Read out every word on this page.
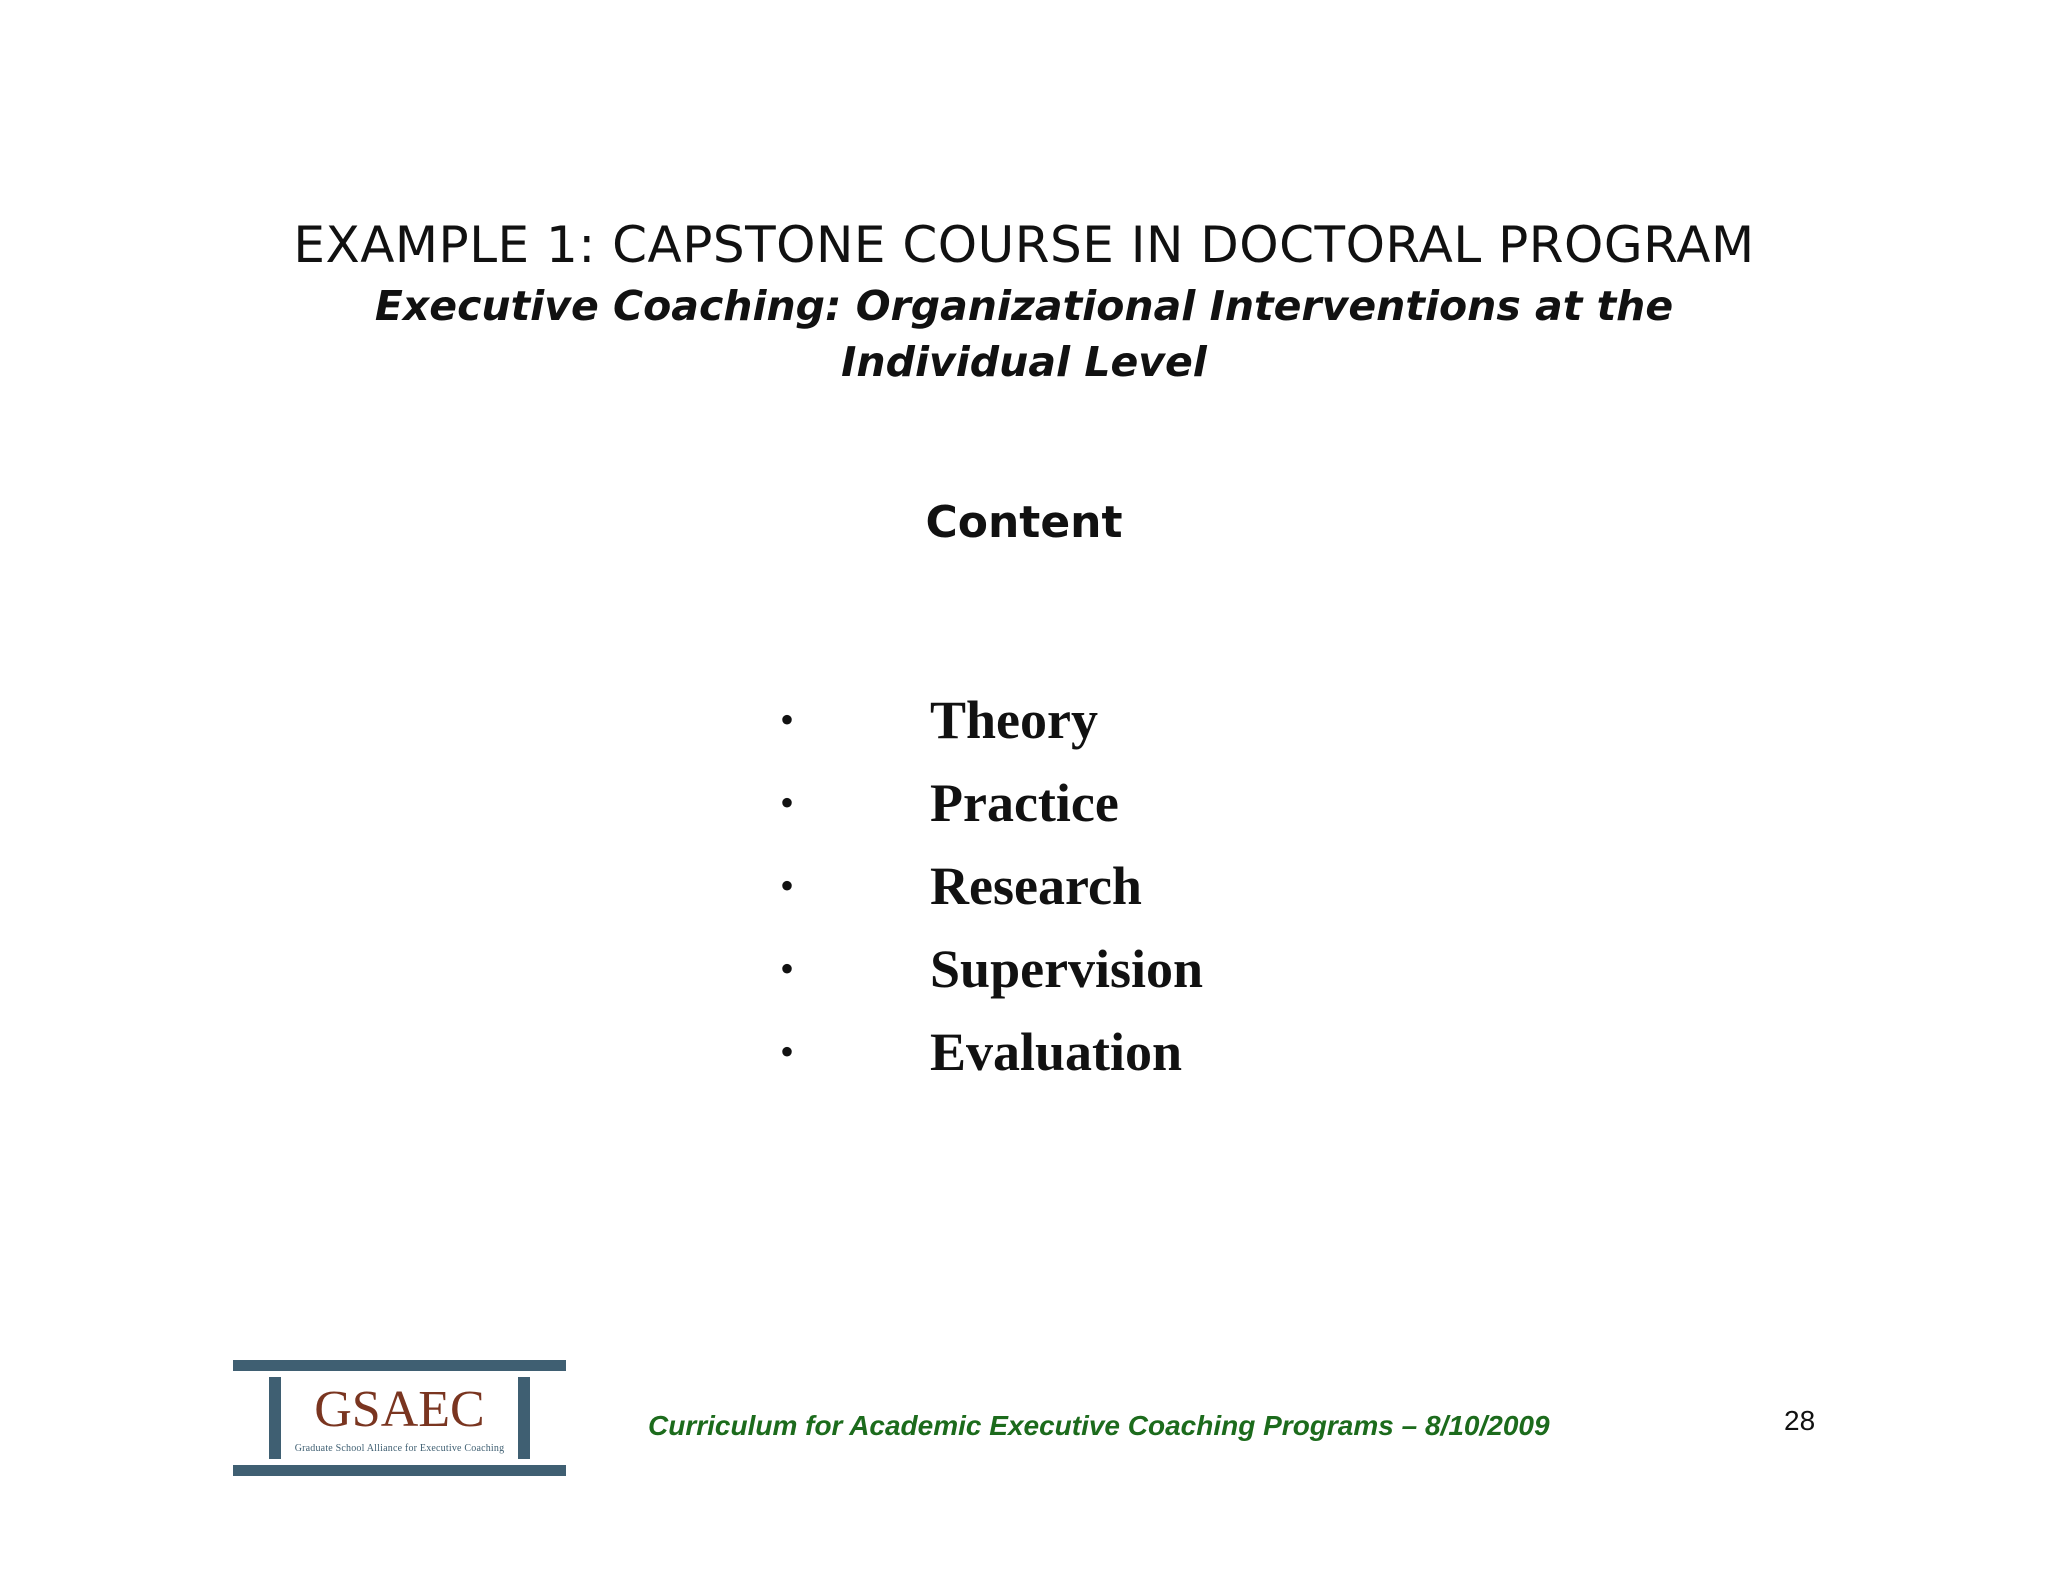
EXAMPLE 1: CAPSTONE COURSE IN DOCTORAL PROGRAM
Executive Coaching: Organizational Interventions at the
Individual Level
Content
•	Theory
•	Practice
•	Research
•	Supervision
•	Evaluation
GSAEC
Graduate School Alliance for Executive Coaching
Curriculum for Academic Executive Coaching Programs – 8/10/2009	28
